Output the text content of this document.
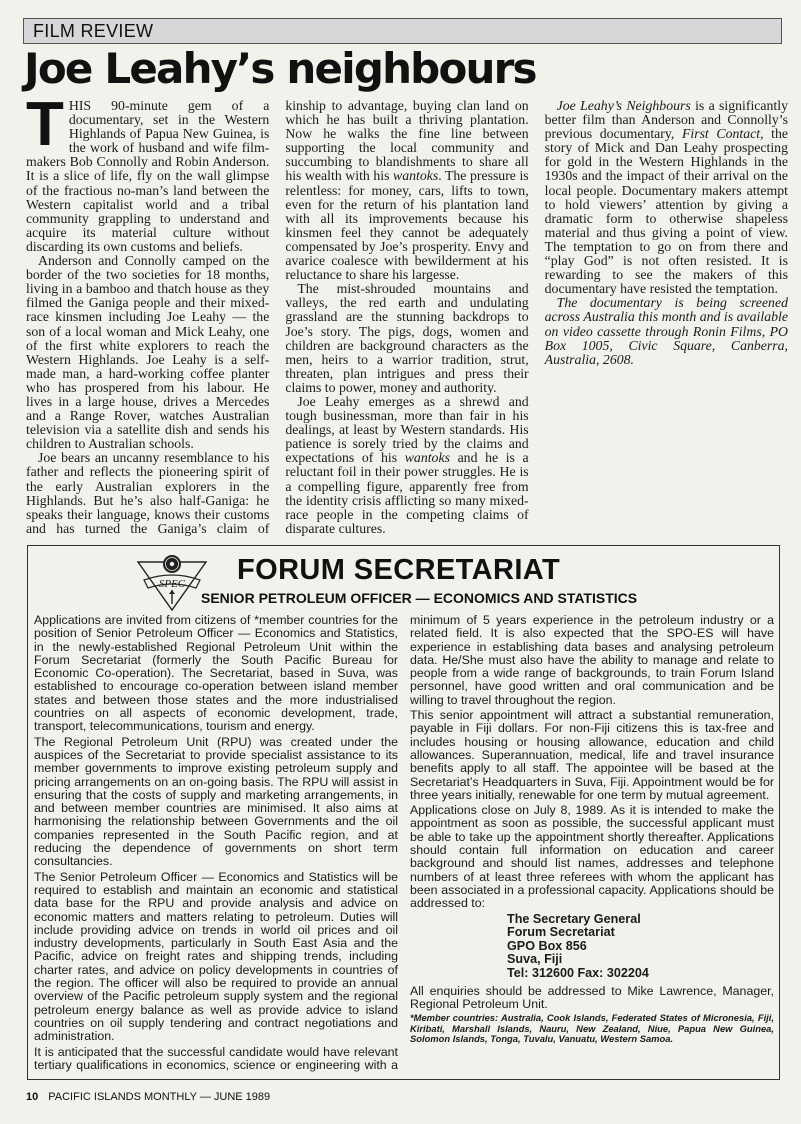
FILM REVIEW
Joe Leahy’s neighbours

THIS 90-minute gem of a documentary, set in the Western Highlands of Papua New Guinea, is the work of husband and wife film-makers Bob Connolly and Robin Anderson. It is a slice of life, fly on the wall glimpse of the fractious no-man’s land between the Western capitalist world and a tribal community grappling to understand and acquire its material culture without discarding its own customs and beliefs.

Anderson and Connolly camped on the border of the two societies for 18 months, living in a bamboo and thatch house as they filmed the Ganiga people and their mixed-race kinsmen including Joe Leahy — the son of a local woman and Mick Leahy, one of the first white explorers to reach the Western Highlands. Joe Leahy is a self-made man, a hard-working coffee planter who has prospered from his labour. He lives in a large house, drives a Mercedes and a Range Rover, watches Australian television via a satellite dish and sends his children to Australian schools.

Joe bears an uncanny resemblance to his father and reflects the pioneering spirit of the early Australian explorers in the Highlands. But he’s also half-Ganiga: he speaks their language, knows their customs and has turned the Ganiga’s claim of kinship to advantage, buying clan land on which he has built a thriving plantation. Now he walks the fine line between supporting the local community and succumbing to blandishments to share all his wealth with his wantoks. The pressure is relentless: for money, cars, lifts to town, even for the return of his plantation land with all its improvements because his kinsmen feel they cannot be adequately compensated by Joe’s prosperity. Envy and avarice coalesce with bewilderment at his reluctance to share his largesse.

The mist-shrouded mountains and valleys, the red earth and undulating grassland are the stunning backdrops to Joe’s story. The pigs, dogs, women and children are background characters as the men, heirs to a warrior tradition, strut, threaten, plan intrigues and press their claims to power, money and authority.

Joe Leahy emerges as a shrewd and tough businessman, more than fair in his dealings, at least by Western standards. His patience is sorely tried by the claims and expectations of his wantoks and he is a reluctant foil in their power struggles. He is a compelling figure, apparently free from the identity crisis afflicting so many mixed-race people in the competing claims of disparate cultures.

Joe Leahy’s Neighbours is a significantly better film than Anderson and Connolly’s previous documentary, First Contact, the story of Mick and Dan Leahy prospecting for gold in the Western Highlands in the 1930s and the impact of their arrival on the local people. Documentary makers attempt to hold viewers’ attention by giving a dramatic form to otherwise shapeless material and thus giving a point of view. The temptation to go on from there and “play God” is not often resisted. It is rewarding to see the makers of this documentary have resisted the temptation.

The documentary is being screened across Australia this month and is available on video cassette through Ronin Films, PO Box 1005, Civic Square, Canberra, Australia, 2608.

SPEC FORUM SECRETARIAT
SENIOR PETROLEUM OFFICER — ECONOMICS AND STATISTICS

Applications are invited from citizens of *member countries for the position of Senior Petroleum Officer — Economics and Statistics, in the newly-established Regional Petroleum Unit within the Forum Secretariat (formerly the South Pacific Bureau for Economic Co-operation). The Secretariat, based in Suva, was established to encourage co-operation between island member states and between those states and the more industrialised countries on all aspects of economic development, trade, transport, telecommunications, tourism and energy.

The Regional Petroleum Unit (RPU) was created under the auspices of the Secretariat to provide specialist assistance to its member governments to improve existing petroleum supply and pricing arrangements on an on-going basis. The RPU will assist in ensuring that the costs of supply and marketing arrangements, in and between member countries are minimised. It also aims at harmonising the relationship between Governments and the oil companies represented in the South Pacific region, and at reducing the dependence of governments on short term consultancies.

The Senior Petroleum Officer — Economics and Statistics will be required to establish and maintain an economic and statistical data base for the RPU and provide analysis and advice on economic matters and matters relating to petroleum. Duties will include providing advice on trends in world oil prices and oil industry developments, particularly in South East Asia and the Pacific, advice on freight rates and shipping trends, including charter rates, and advice on policy developments in countries of the region. The officer will also be required to provide an annual overview of the Pacific petroleum supply system and the regional petroleum energy balance as well as provide advice to island countries on oil supply tendering and contract negotiations and administration.

It is anticipated that the successful candidate would have relevant tertiary qualifications in economics, science or engineering with a minimum of 5 years experience in the petroleum industry or a related field. It is also expected that the SPO-ES will have experience in establishing data bases and analysing petroleum data. He/She must also have the ability to manage and relate to people from a wide range of backgrounds, to train Forum Island personnel, have good written and oral communication and be willing to travel throughout the region.

This senior appointment will attract a substantial remuneration, payable in Fiji dollars. For non-Fiji citizens this is tax-free and includes housing or housing allowance, education and child allowances. Superannuation, medical, life and travel insurance benefits apply to all staff. The appointee will be based at the Secretariat’s Headquarters in Suva, Fiji. Appointment would be for three years initially, renewable for one term by mutual agreement.

Applications close on July 8, 1989. As it is intended to make the appointment as soon as possible, the successful applicant must be able to take up the appointment shortly thereafter. Applications should contain full information on education and career background and should list names, addresses and telephone numbers of at least three referees with whom the applicant has been associated in a professional capacity. Applications should be addressed to:

The Secretary General
Forum Secretariat
GPO Box 856
Suva, Fiji
Tel: 312600 Fax: 302204

All enquiries should be addressed to Mike Lawrence, Manager, Regional Petroleum Unit.

*Member countries: Australia, Cook Islands, Federated States of Micronesia, Fiji, Kiribati, Marshall Islands, Nauru, New Zealand, Niue, Papua New Guinea, Solomon Islands, Tonga, Tuvalu, Vanuatu, Western Samoa.

10 PACIFIC ISLANDS MONTHLY — JUNE 1989
